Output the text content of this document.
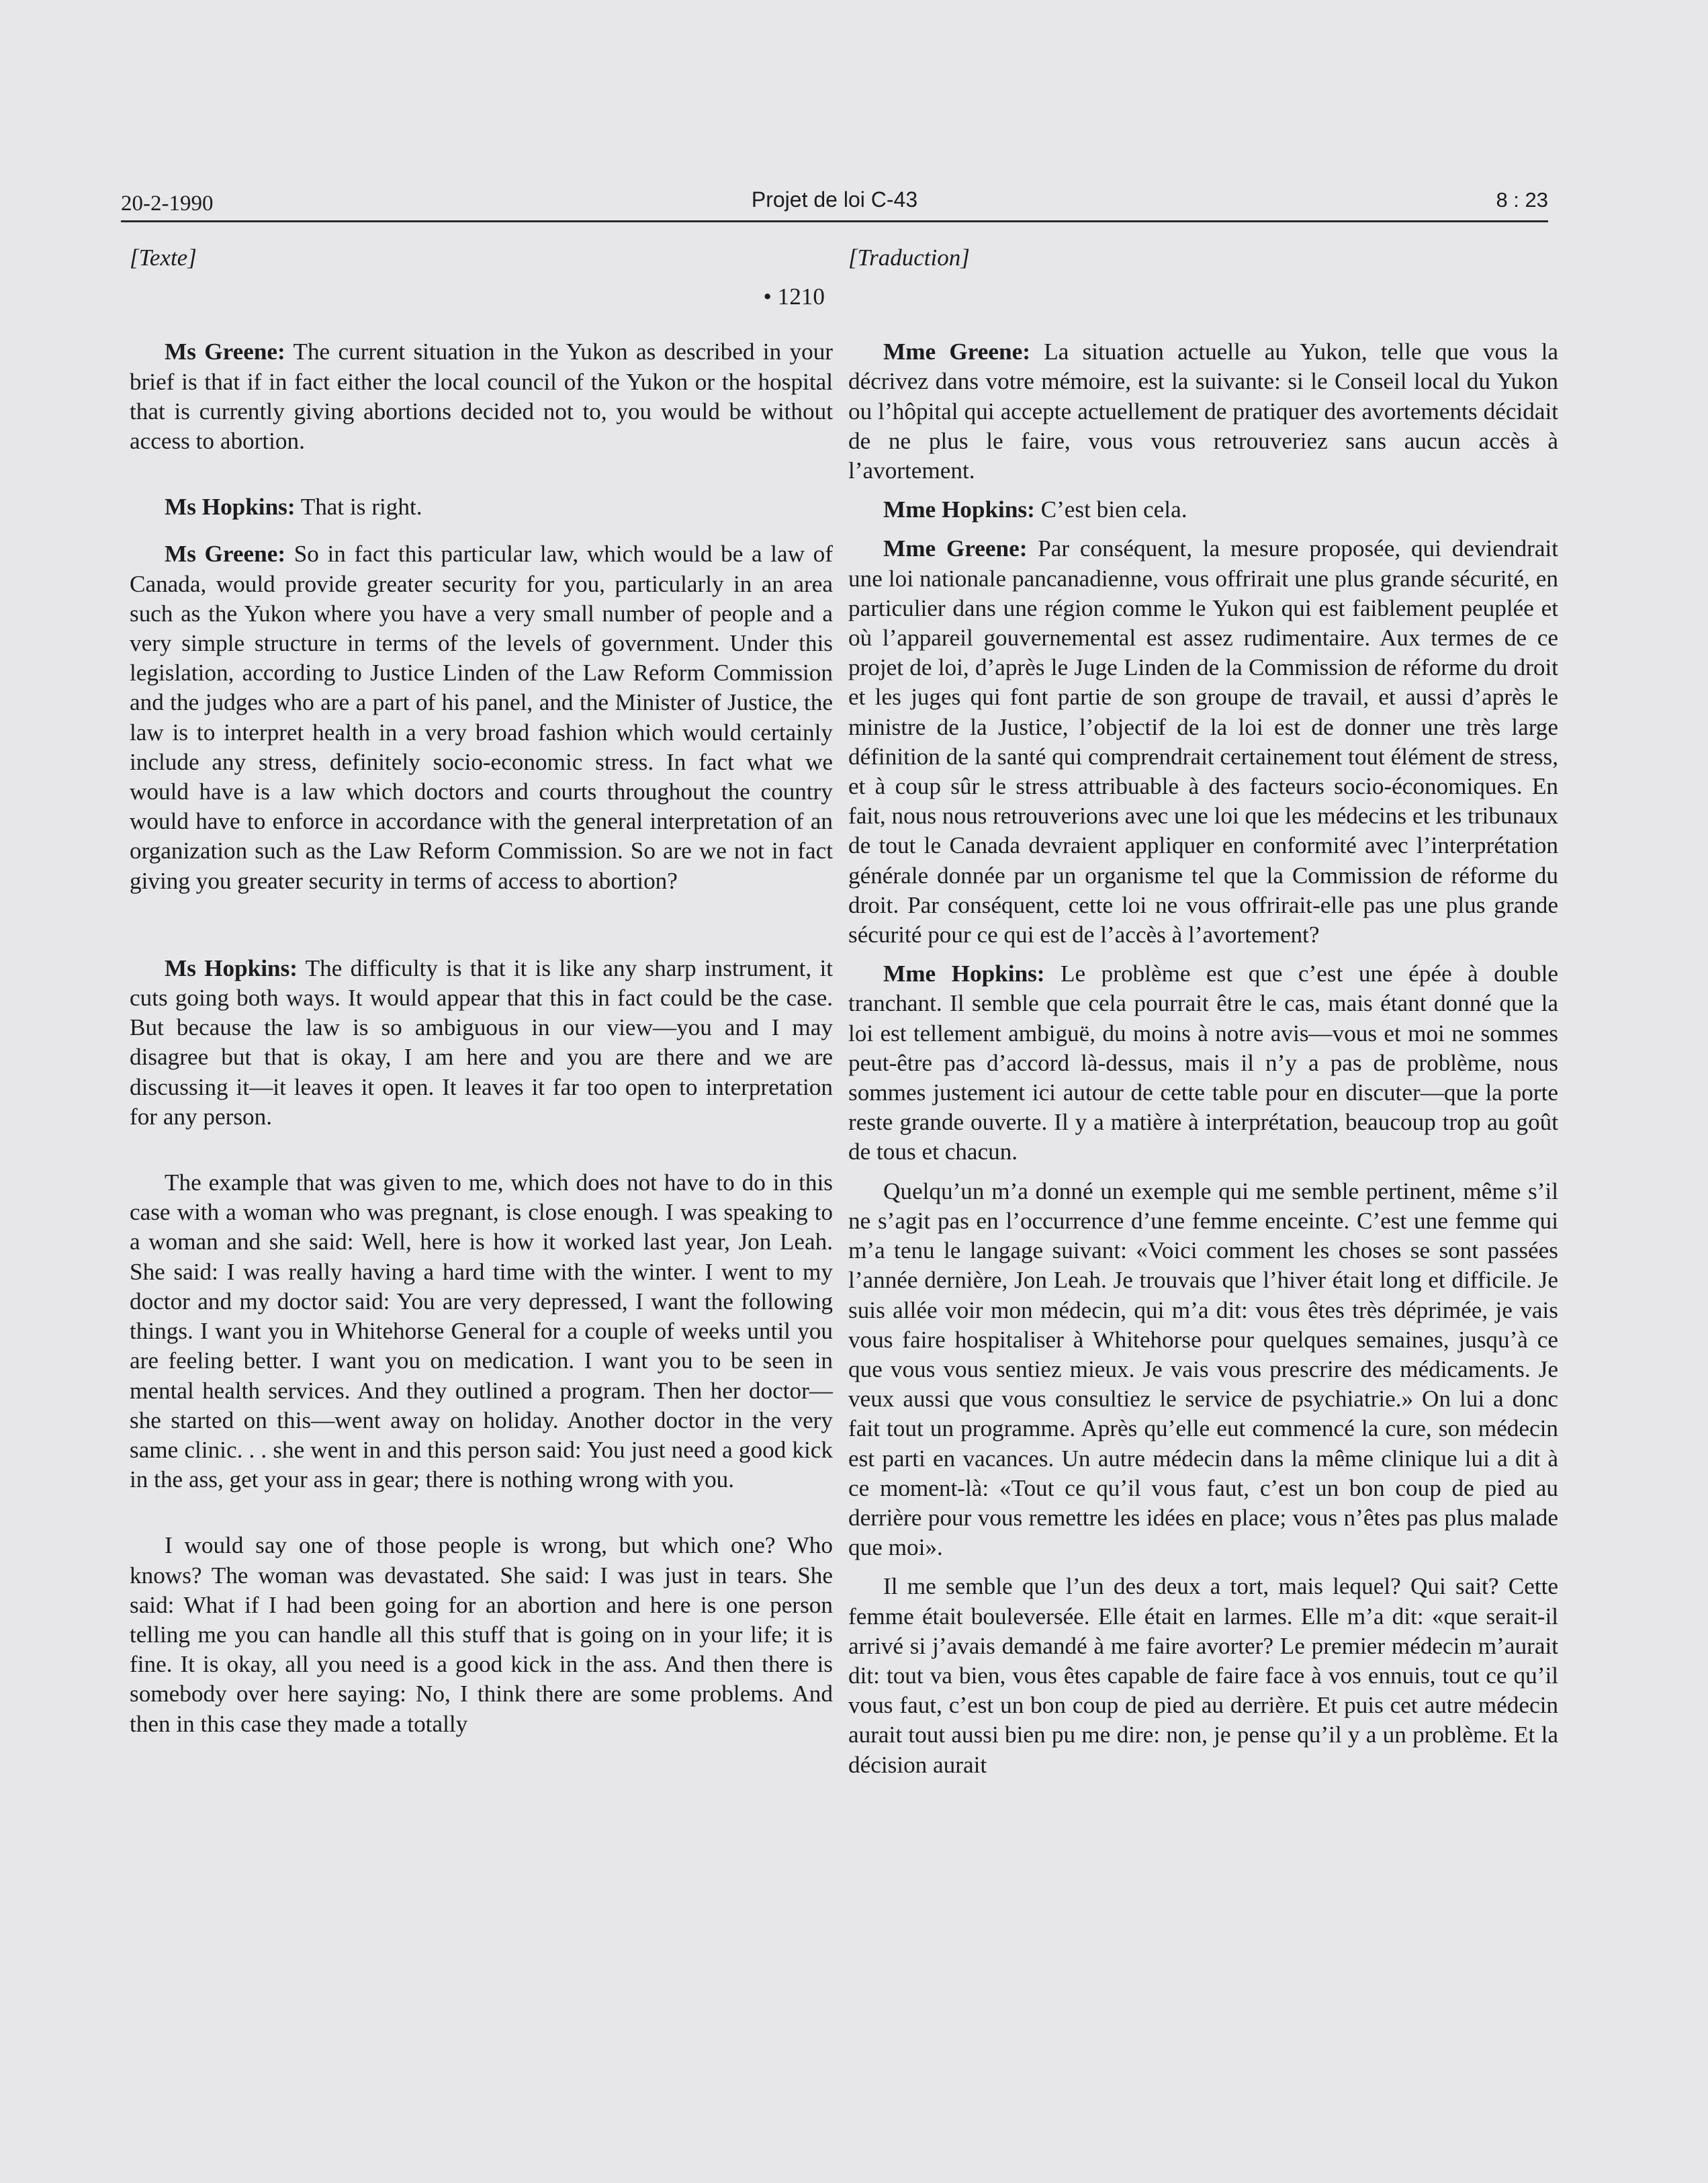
20-2-1990	Projet de loi C-43	8 : 23
[Texte]
• 1210

Ms Greene: The current situation in the Yukon as described in your brief is that if in fact either the local council of the Yukon or the hospital that is currently giving abortions decided not to, you would be without access to abortion.

Ms Hopkins: That is right.

Ms Greene: So in fact this particular law, which would be a law of Canada, would provide greater security for you, particularly in an area such as the Yukon where you have a very small number of people and a very simple structure in terms of the levels of government. Under this legislation, according to Justice Linden of the Law Reform Commission and the judges who are a part of his panel, and the Minister of Justice, the law is to interpret health in a very broad fashion which would certainly include any stress, definitely socio-economic stress. In fact what we would have is a law which doctors and courts throughout the country would have to enforce in accordance with the general interpretation of an organization such as the Law Reform Commission. So are we not in fact giving you greater security in terms of access to abortion?

Ms Hopkins: The difficulty is that it is like any sharp instrument, it cuts going both ways. It would appear that this in fact could be the case. But because the law is so ambiguous in our view—you and I may disagree but that is okay, I am here and you are there and we are discussing it—it leaves it open. It leaves it far too open to interpretation for any person.

The example that was given to me, which does not have to do in this case with a woman who was pregnant, is close enough. I was speaking to a woman and she said: Well, here is how it worked last year, Jon Leah. She said: I was really having a hard time with the winter. I went to my doctor and my doctor said: You are very depressed, I want the following things. I want you in Whitehorse General for a couple of weeks until you are feeling better. I want you on medication. I want you to be seen in mental health services. And they outlined a program. Then her doctor—she started on this—went away on holiday. Another doctor in the very same clinic. . . she went in and this person said: You just need a good kick in the ass, get your ass in gear; there is nothing wrong with you.

I would say one of those people is wrong, but which one? Who knows? The woman was devastated. She said: I was just in tears. She said: What if I had been going for an abortion and here is one person telling me you can handle all this stuff that is going on in your life; it is fine. It is okay, all you need is a good kick in the ass. And then there is somebody over here saying: No, I think there are some problems. And then in this case they made a totally

[Traduction]

Mme Greene: La situation actuelle au Yukon, telle que vous la décrivez dans votre mémoire, est la suivante: si le Conseil local du Yukon ou l’hôpital qui accepte actuellement de pratiquer des avortements décidait de ne plus le faire, vous vous retrouveriez sans aucun accès à l’avortement.

Mme Hopkins: C’est bien cela.

Mme Greene: Par conséquent, la mesure proposée, qui deviendrait une loi nationale pancanadienne, vous offrirait une plus grande sécurité, en particulier dans une région comme le Yukon qui est faiblement peuplée et où l’appareil gouvernemental est assez rudimentaire. Aux termes de ce projet de loi, d’après le Juge Linden de la Commission de réforme du droit et les juges qui font partie de son groupe de travail, et aussi d’après le ministre de la Justice, l’objectif de la loi est de donner une très large définition de la santé qui comprendrait certainement tout élément de stress, et à coup sûr le stress attribuable à des facteurs socio-économiques. En fait, nous nous retrouverions avec une loi que les médecins et les tribunaux de tout le Canada devraient appliquer en conformité avec l’interprétation générale donnée par un organisme tel que la Commission de réforme du droit. Par conséquent, cette loi ne vous offrirait-elle pas une plus grande sécurité pour ce qui est de l’accès à l’avortement?

Mme Hopkins: Le problème est que c’est une épée à double tranchant. Il semble que cela pourrait être le cas, mais étant donné que la loi est tellement ambiguë, du moins à notre avis—vous et moi ne sommes peut-être pas d’accord là-dessus, mais il n’y a pas de problème, nous sommes justement ici autour de cette table pour en discuter—que la porte reste grande ouverte. Il y a matière à interprétation, beaucoup trop au goût de tous et chacun.

Quelqu’un m’a donné un exemple qui me semble pertinent, même s’il ne s’agit pas en l’occurrence d’une femme enceinte. C’est une femme qui m’a tenu le langage suivant: «Voici comment les choses se sont passées l’année dernière, Jon Leah. Je trouvais que l’hiver était long et difficile. Je suis allée voir mon médecin, qui m’a dit: vous êtes très déprimée, je vais vous faire hospitaliser à Whitehorse pour quelques semaines, jusqu’à ce que vous vous sentiez mieux. Je vais vous prescrire des médicaments. Je veux aussi que vous consultiez le service de psychiatrie.» On lui a donc fait tout un programme. Après qu’elle eut commencé la cure, son médecin est parti en vacances. Un autre médecin dans la même clinique lui a dit à ce moment-là: «Tout ce qu’il vous faut, c’est un bon coup de pied au derrière pour vous remettre les idées en place; vous n’êtes pas plus malade que moi».

Il me semble que l’un des deux a tort, mais lequel? Qui sait? Cette femme était bouleversée. Elle était en larmes. Elle m’a dit: «que serait-il arrivé si j’avais demandé à me faire avorter? Le premier médecin m’aurait dit: tout va bien, vous êtes capable de faire face à vos ennuis, tout ce qu’il vous faut, c’est un bon coup de pied au derrière. Et puis cet autre médecin aurait tout aussi bien pu me dire: non, je pense qu’il y a un problème. Et la décision aurait
